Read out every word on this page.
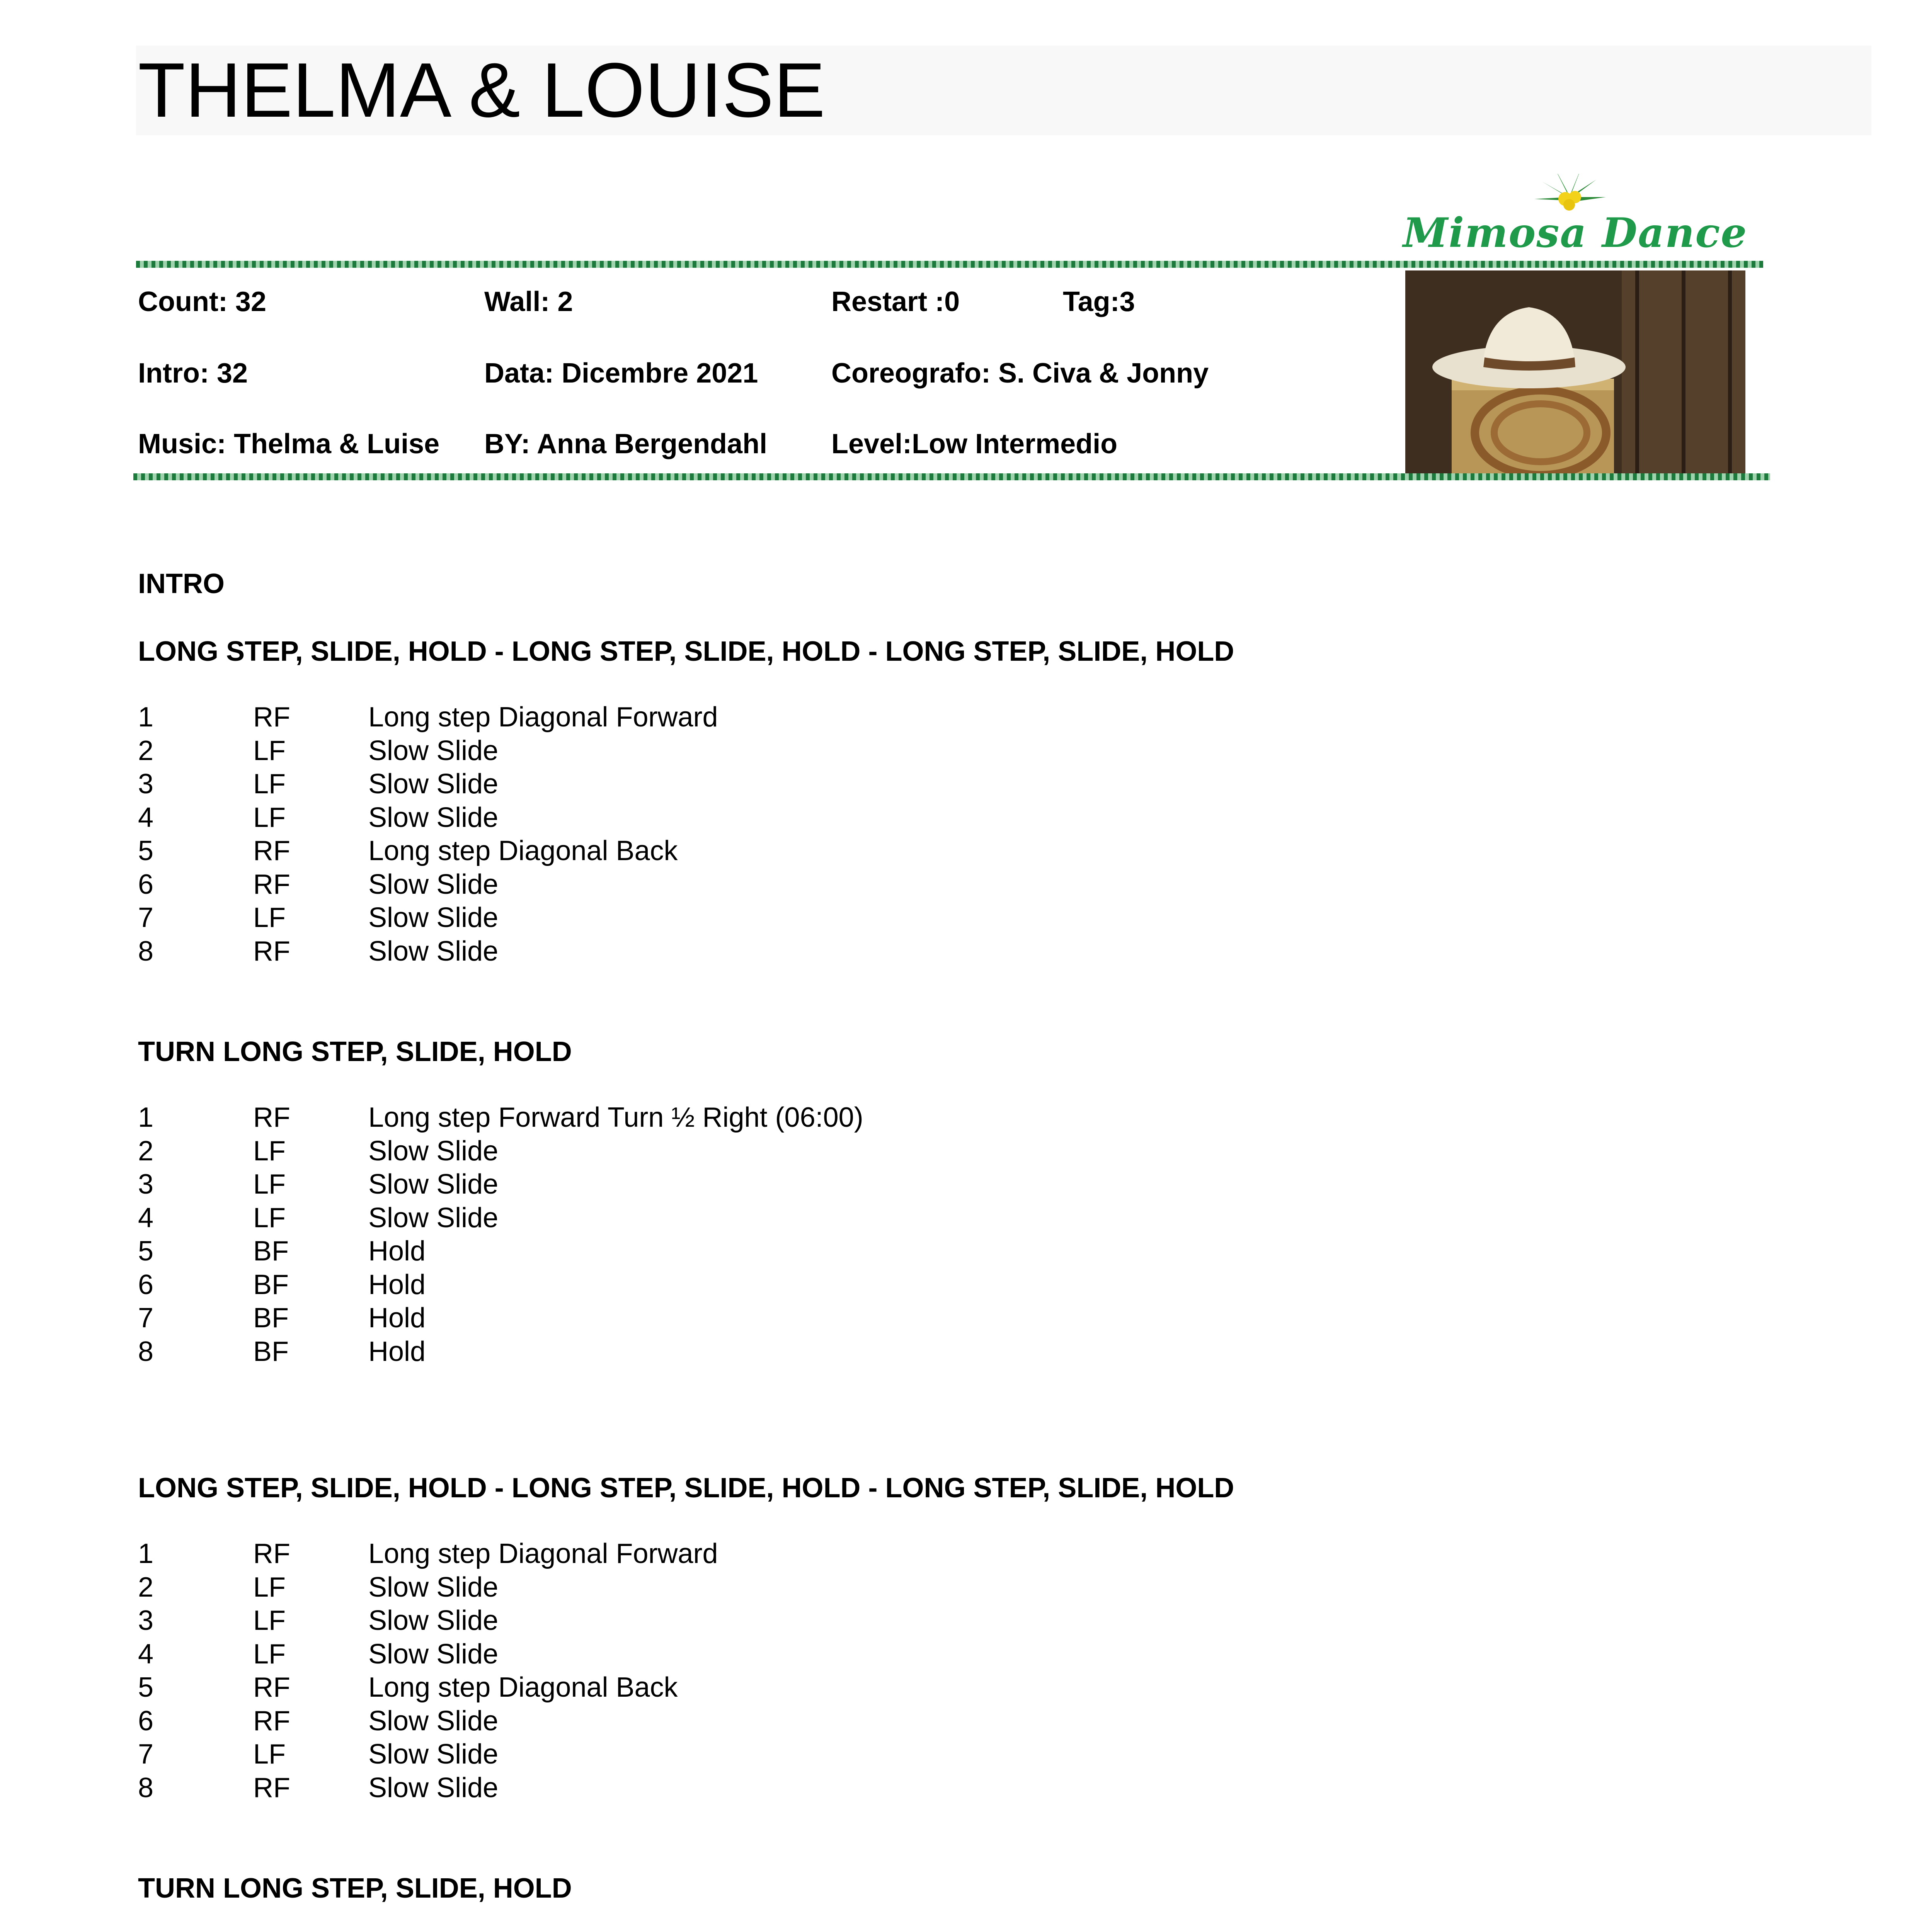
THELMA & LOUISE
Mimosa Dance
Count: 32	Wall: 2	Restart :0	Tag:3
Intro: 32	Data: Dicembre 2021	Coreografo: S. Civa & Jonny
Music: Thelma & Luise BY: Anna Bergendahl Level:Low Intermedio
INTRO
LONG STEP, SLIDE, HOLD - LONG STEP, SLIDE, HOLD - LONG STEP, SLIDE, HOLD
1	RF	Long step Diagonal Forward
2	LF	Slow Slide
3	LF	Slow Slide
4	LF	Slow Slide
5	RF	Long step Diagonal Back
6	RF	Slow Slide
7	LF	Slow Slide
8	RF	Slow Slide
TURN LONG STEP, SLIDE, HOLD
1	RF	Long step Forward Turn ½ Right (06:00)
2	LF	Slow Slide
3	LF	Slow Slide
4	LF	Slow Slide
5	BF	Hold
6	BF	Hold
7	BF	Hold
8	BF	Hold
LONG STEP, SLIDE, HOLD - LONG STEP, SLIDE, HOLD - LONG STEP, SLIDE, HOLD
1	RF	Long step Diagonal Forward
2	LF	Slow Slide
3	LF	Slow Slide
4	LF	Slow Slide
5	RF	Long step Diagonal Back
6	RF	Slow Slide
7	LF	Slow Slide
8	RF	Slow Slide
TURN LONG STEP, SLIDE, HOLD
